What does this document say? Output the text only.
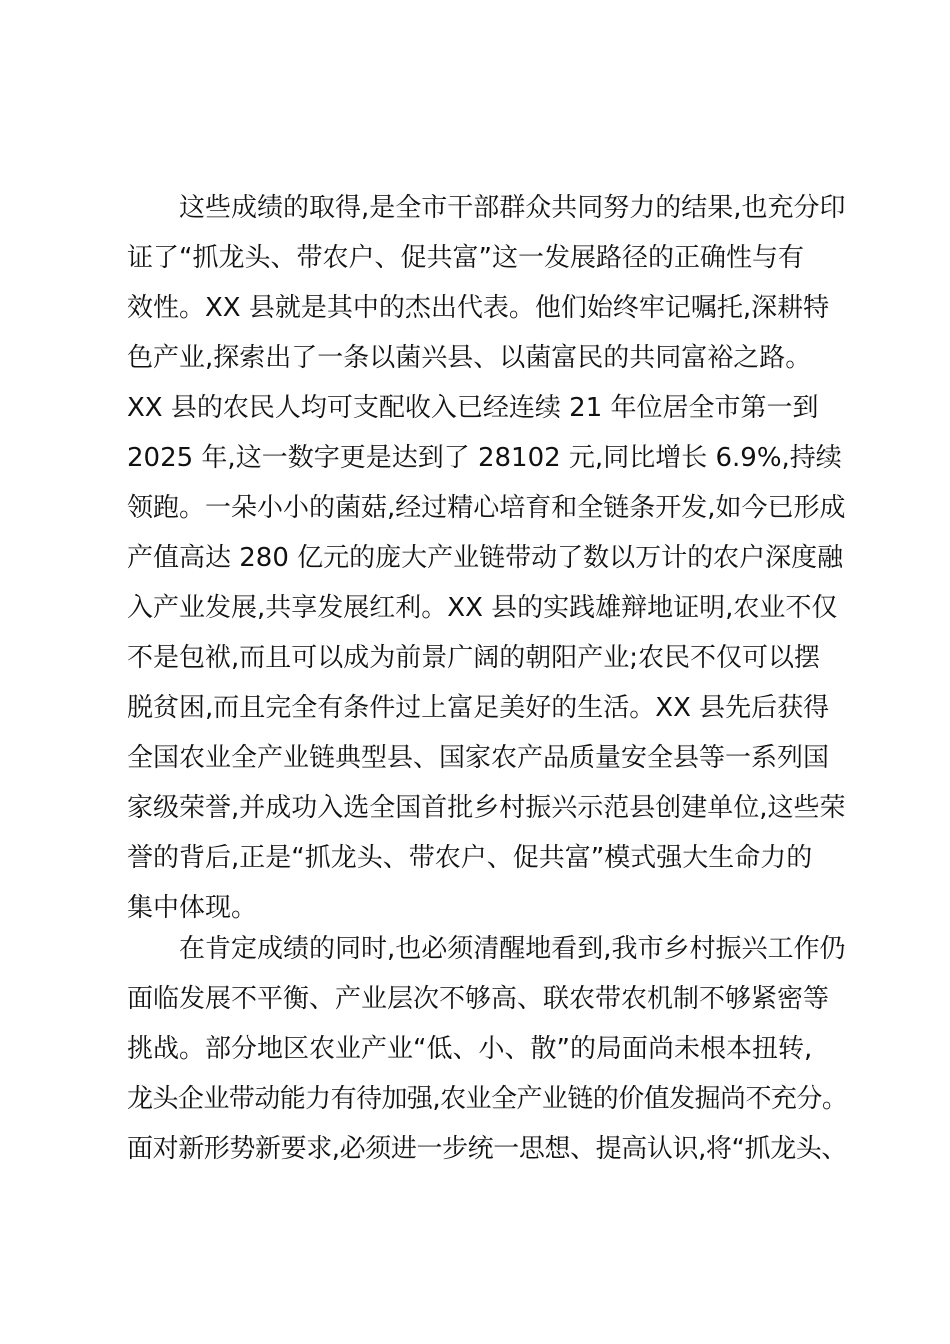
这些成绩的取得,是全市干部群众共同努力的结果,也充分印
证了“抓龙头、带农户、促共富”这一发展路径的正确性与有
效性。XX 县就是其中的杰出代表。他们始终牢记嘱托,深耕特
色产业,探索出了一条以菌兴县、以菌富民的共同富裕之路。
XX 县的农民人均可支配收入已经连续 21 年位居全市第一到
2025 年,这一数字更是达到了 28102 元,同比增长 6.9%,持续
领跑。一朵小小的菌菇,经过精心培育和全链条开发,如今已形成
产值高达 280 亿元的庞大产业链带动了数以万计的农户深度融
入产业发展,共享发展红利。XX 县的实践雄辩地证明,农业不仅
不是包袱,而且可以成为前景广阔的朝阳产业;农民不仅可以摆
脱贫困,而且完全有条件过上富足美好的生活。XX 县先后获得
全国农业全产业链典型县、国家农产品质量安全县等一系列国
家级荣誉,并成功入选全国首批乡村振兴示范县创建单位,这些荣
誉的背后,正是“抓龙头、带农户、促共富”模式强大生命力的
集中体现。
在肯定成绩的同时,也必须清醒地看到,我市乡村振兴工作仍
面临发展不平衡、产业层次不够高、联农带农机制不够紧密等
挑战。部分地区农业产业“低、小、散”的局面尚未根本扭转,
龙头企业带动能力有待加强,农业全产业链的价值发掘尚不充分。
面对新形势新要求,必须进一步统一思想、提高认识,将“抓龙头、
